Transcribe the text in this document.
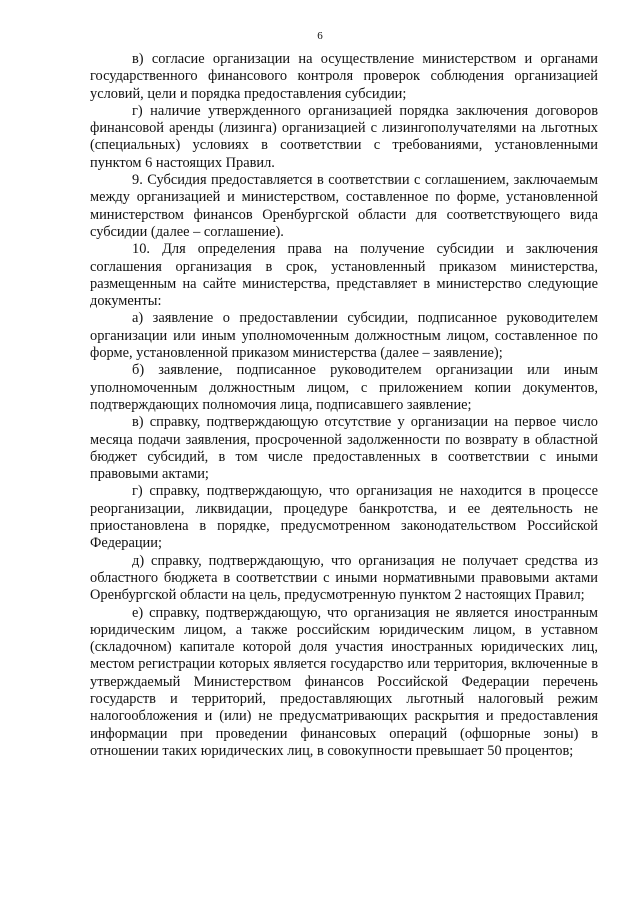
6

в) согласие организации на осуществление министерством и органами государственного финансового контроля проверок соблюдения организацией условий, цели и порядка предоставления субсидии;

г) наличие утвержденного организацией порядка заключения договоров финансовой аренды (лизинга) организацией с лизингополучателями на льготных (специальных) условиях в соответствии с требованиями, установленными пунктом 6 настоящих Правил.

9. Субсидия предоставляется в соответствии с соглашением, заключаемым между организацией и министерством, составленное по форме, установленной министерством финансов Оренбургской области для соответствующего вида субсидии (далее – соглашение).

10. Для определения права на получение субсидии и заключения соглашения организация в срок, установленный приказом министерства, размещенным на сайте министерства, представляет в министерство следующие документы:

а) заявление о предоставлении субсидии, подписанное руководителем организации или иным уполномоченным должностным лицом, составленное по форме, установленной приказом министерства (далее – заявление);

б) заявление, подписанное руководителем организации или иным уполномоченным должностным лицом, с приложением копии документов, подтверждающих полномочия лица, подписавшего заявление;

в) справку, подтверждающую отсутствие у организации на первое число месяца подачи заявления, просроченной задолженности по возврату в областной бюджет субсидий, в том числе предоставленных в соответствии с иными правовыми актами;

г) справку, подтверждающую, что организация не находится в процессе реорганизации, ликвидации, процедуре банкротства, и ее деятельность не приостановлена в порядке, предусмотренном законодательством Российской Федерации;

д) справку, подтверждающую, что организация не получает средства из областного бюджета в соответствии с иными нормативными правовыми актами Оренбургской области на цель, предусмотренную пунктом 2 настоящих Правил;

е) справку, подтверждающую, что организация не является иностранным юридическим лицом, а также российским юридическим лицом, в уставном (складочном) капитале которой доля участия иностранных юридических лиц, местом регистрации которых является государство или территория, включенные в утверждаемый Министерством финансов Российской Федерации перечень государств и территорий, предоставляющих льготный налоговый режим налогообложения и (или) не предусматривающих раскрытия и предоставления информации при проведении финансовых операций (офшорные зоны) в отношении таких юридических лиц, в совокупности превышает 50 процентов;
